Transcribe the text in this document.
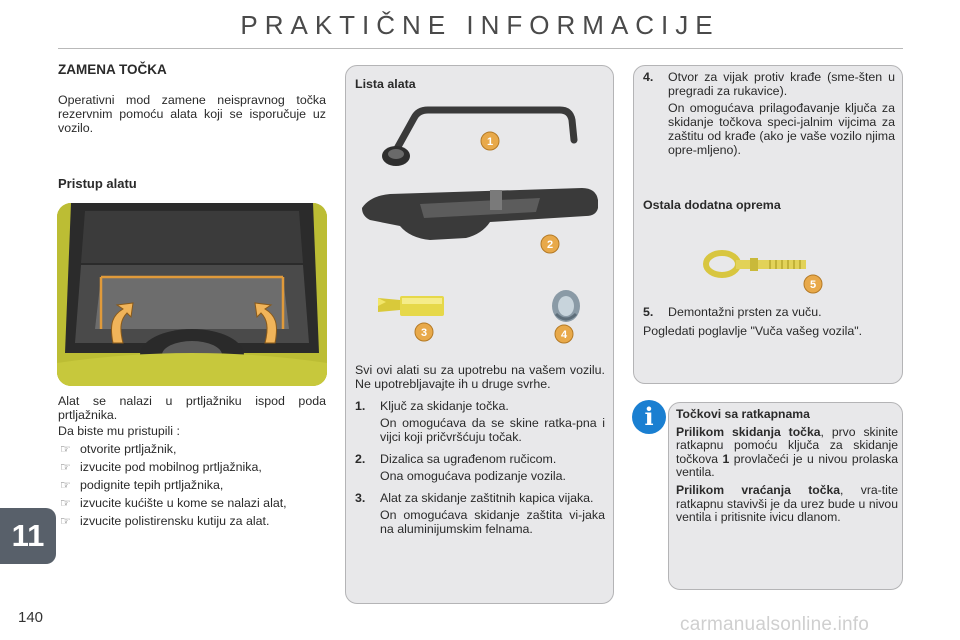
PRAKTIČNE INFORMACIJE
ZAMENA TOČKA
Operativni mod zamene neispravnog točka rezervnim pomoću alata koji se isporučuje uz vozilo.
Pristup alatu
Alat se nalazi u prtljažniku ispod poda prtljažnika.
Da biste mu pristupili :
☞ otvorite prtljažnik,
☞ izvucite pod mobilnog prtljažnika,
☞ podignite tepih prtljažnika,
☞ izvucite kućište u kome se nalazi alat,
☞ izvucite polistirensku kutiju za alat.
11
140
Lista alata
1
2
3	4
Svi ovi alati su za upotrebu na vašem vozilu. Ne upotrebljavajte ih u druge svrhe.
1. Ključ za skidanje točka.
On omogućava da se skine ratka-pna i vijci koji pričvršćuju točak.
2. Dizalica sa ugrađenom ručicom.
Ona omogućava podizanje vozila.
3. Alat za skidanje zaštitnih kapica vijaka.
On omogućava skidanje zaštita vi-jaka na aluminijumskim felnama.
4. Otvor za vijak protiv krađe (sme-šten u pregradi za rukavice).
On omogućava prilagođavanje ključa za skidanje točkova speci-jalnim vijcima za zaštitu od krađe (ako je vaše vozilo njima opre-mljeno).
Ostala dodatna oprema
5
5. Demontažni prsten za vuču.
Pogledati poglavlje "Vuča vašeg vozila".
i	Točkovi sa ratkapnama
Prilikom skidanja točka, prvo skinite ratkapnu pomoću ključa za skidanje točkova 1 provlačeći je u nivou prolaska ventila.
Prilikom vraćanja točka, vra-tite ratkapnu stavivši je da urez bude u nivou ventila i pritisnite ivicu dlanom.
carmanualsonline.info
